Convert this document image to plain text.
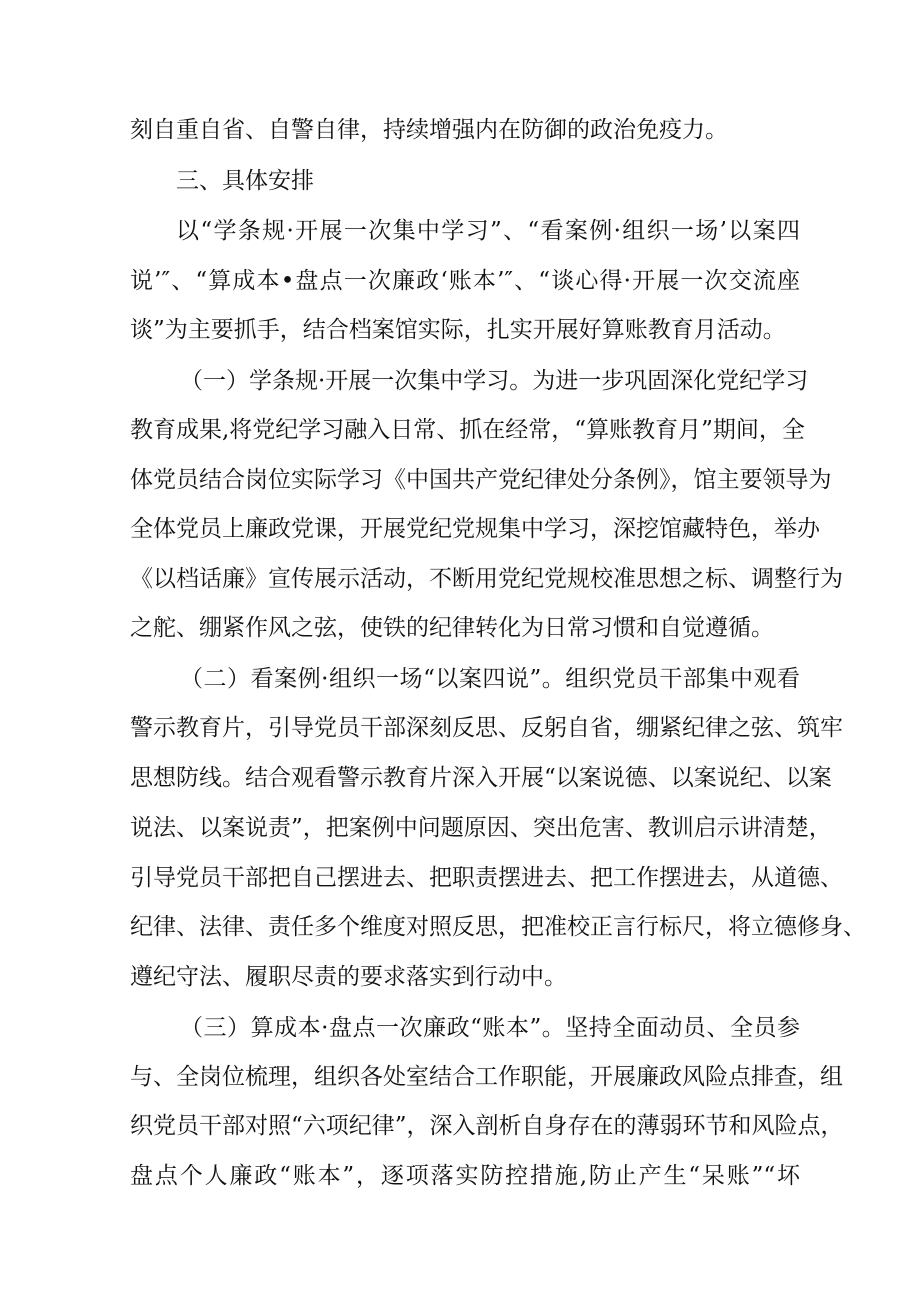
刻自重自省、自警自律，持续增强内在防御的政治免疫力。
三、具体安排
以“学条规·开展一次集中学习”、“看案例·组织一场’以案四
说’″、“算成本•盘点一次廉政‘账本’″、“谈心得·开展一次交流座
谈”为主要抓手，结合档案馆实际，扎实开展好算账教育月活动。
（一）学条规·开展一次集中学习。为进一步巩固深化党纪学习
教育成果,将党纪学习融入日常、抓在经常，“算账教育月”期间，全
体党员结合岗位实际学习《中国共产党纪律处分条例》，馆主要领导为
全体党员上廉政党课，开展党纪党规集中学习，深挖馆藏特色，举办
《以档话廉》宣传展示活动，不断用党纪党规校准思想之标、调整行为
之舵、绷紧作风之弦，使铁的纪律转化为日常习惯和自觉遵循。
（二）看案例·组织一场“以案四说”。组织党员干部集中观看
警示教育片，引导党员干部深刻反思、反躬自省，绷紧纪律之弦、筑牢
思想防线。结合观看警示教育片深入开展“以案说德、以案说纪、以案
说法、以案说责”，把案例中问题原因、突出危害、教训启示讲清楚，
引导党员干部把自己摆进去、把职责摆进去、把工作摆进去，从道德、
纪律、法律、责任多个维度对照反思，把准校正言行标尺，将立德修身、
遵纪守法、履职尽责的要求落实到行动中。
（三）算成本·盘点一次廉政“账本”。坚持全面动员、全员参
与、全岗位梳理，组织各处室结合工作职能，开展廉政风险点排查，组
织党员干部对照“六项纪律”，深入剖析自身存在的薄弱环节和风险点，
盘点个人廉政“账本”，逐项落实防控措施,防止产生“呆账”“坏
